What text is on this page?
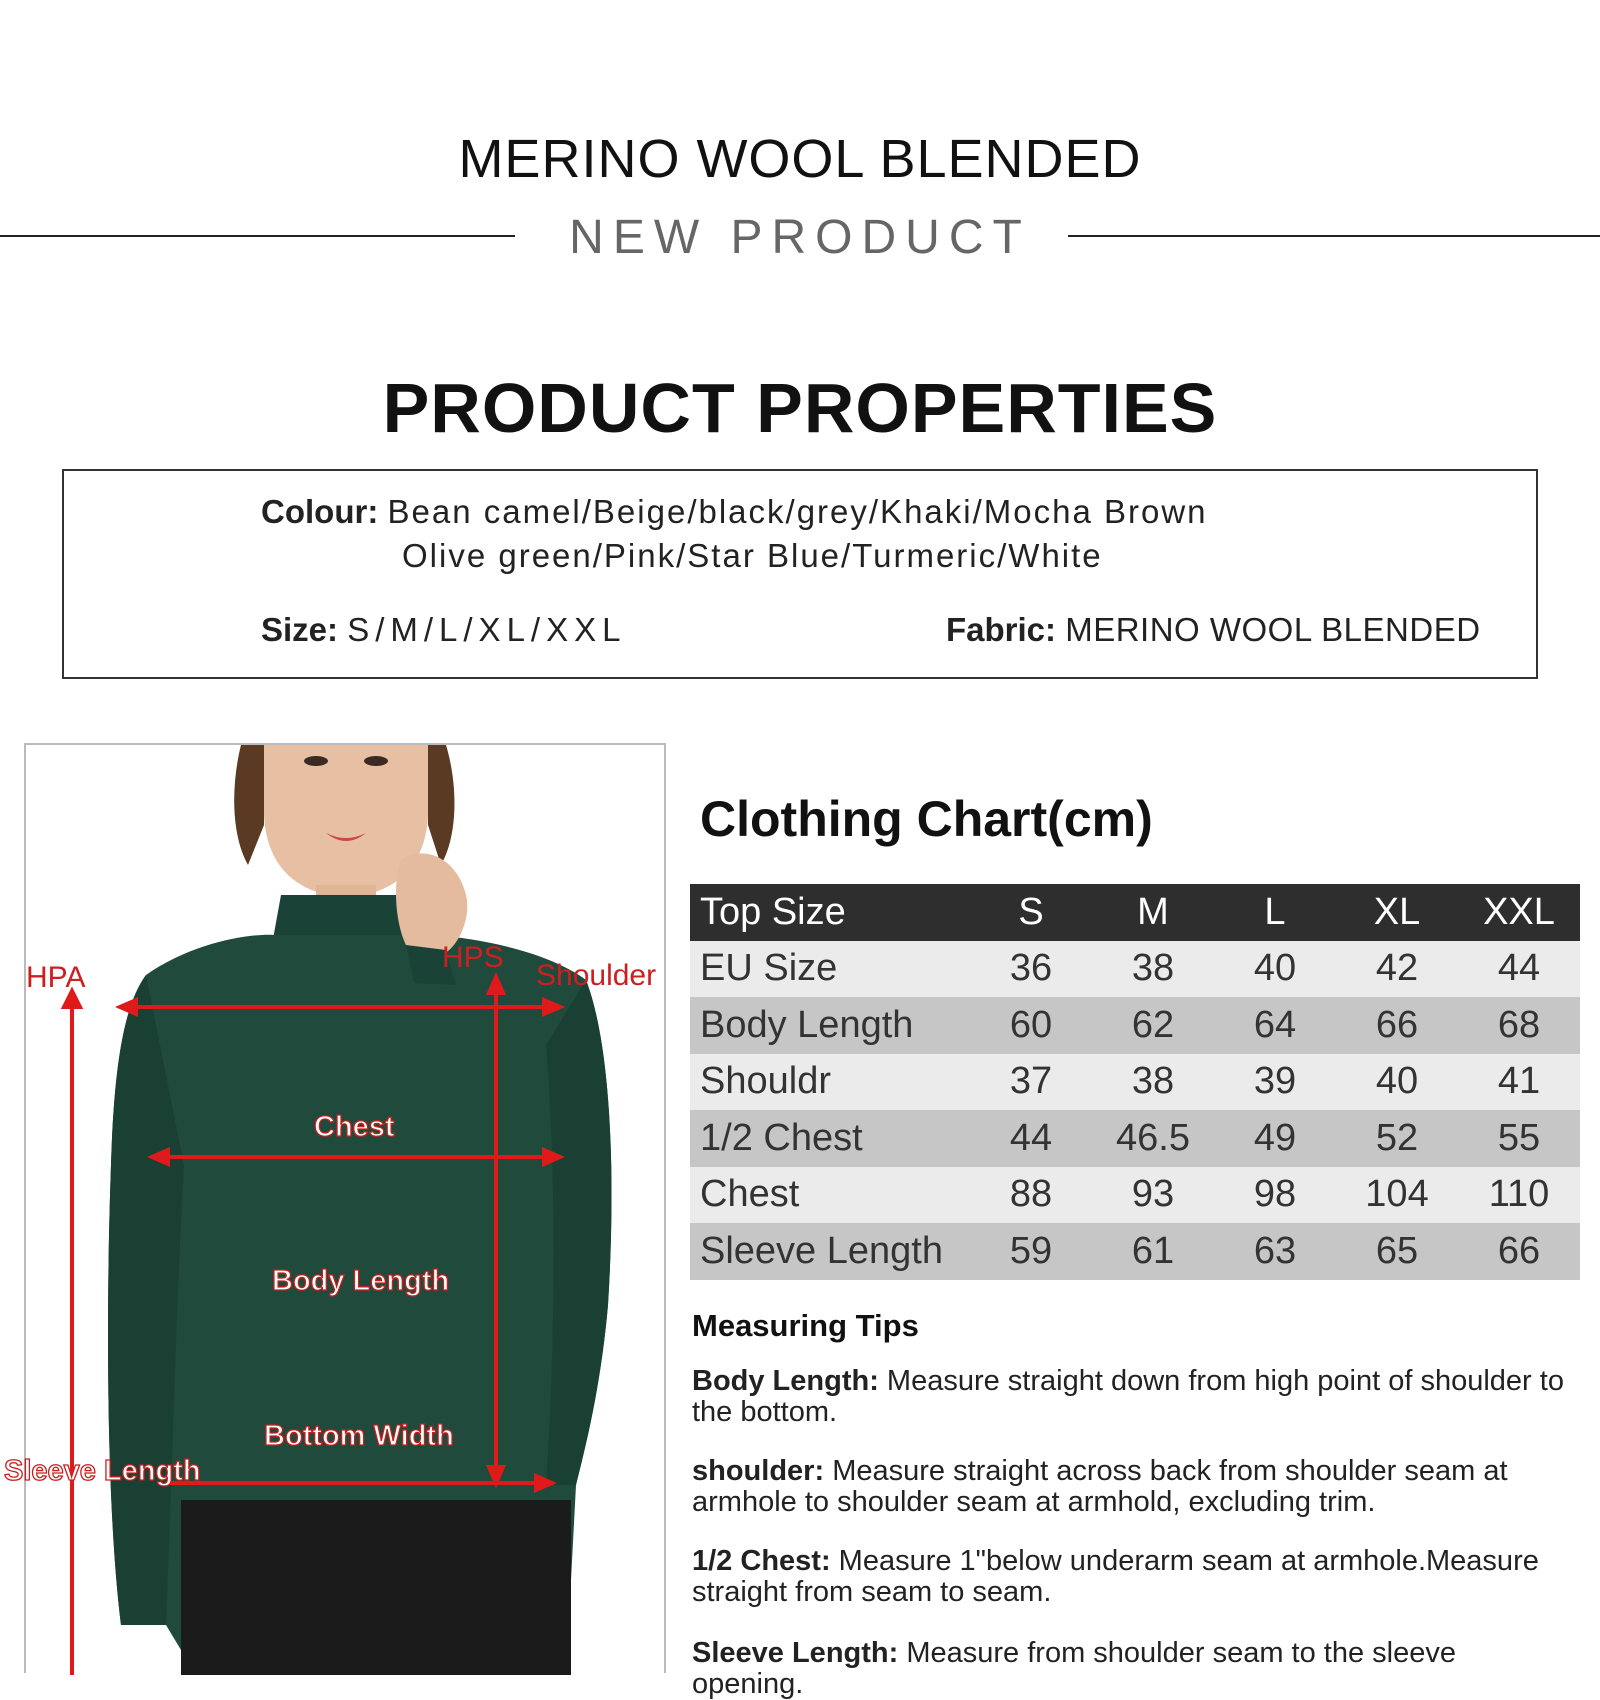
MERINO WOOL BLENDED
NEW PRODUCT
PRODUCT PROPERTIES
Colour: Bean camel/Beige/black/grey/Khaki/Mocha Brown
Olive green/Pink/Star Blue/Turmeric/White
Size: S/M/L/XL/XXL	Fabric: MERINO WOOL BLENDED
HPA
HPS
Shoulder
Chest
Body Length
Bottom Width
Sleeve Length
Clothing Chart(cm)
Top Size	S	M	L	XL	XXL
EU Size	36	38	40	42	44
Body Length	60	62	64	66	68
Shouldr	37	38	39	40	41
1/2 Chest	44	46.5	49	52	55
Chest	88	93	98	104	110
Sleeve Length	59	61	63	65	66
Measuring Tips
Body Length: Measure straight down from high point of shoulder to the bottom.
shoulder: Measure straight across back from shoulder seam at armhole to shoulder seam at armhold, excluding trim.
1/2 Chest: Measure 1"below underarm seam at armhole.Measure straight from seam to seam.
Sleeve Length: Measure from shoulder seam to the sleeve opening.
